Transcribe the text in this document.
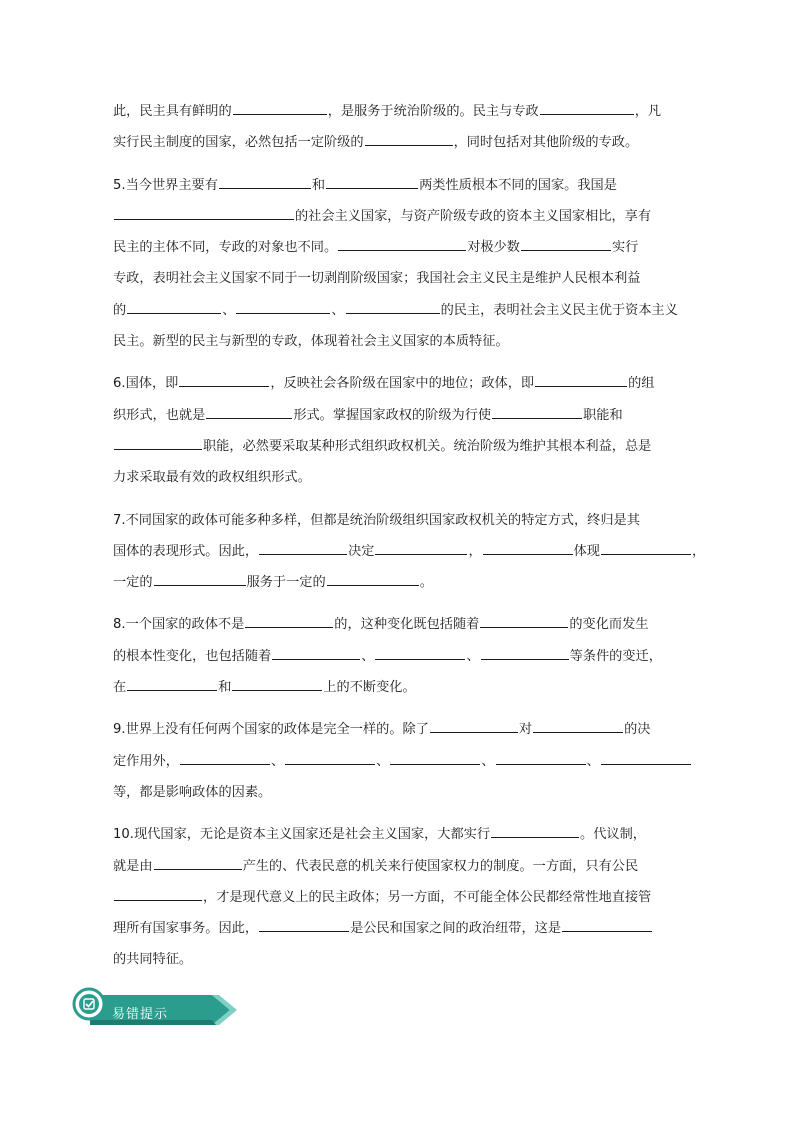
此，民主具有鲜明的	，是服务于统治阶级的。民主与专政	，凡
实行民主制度的国家，必然包括一定阶级的	，同时包括对其他阶级的专政。
5.当今世界主要有	和	两类性质根本不同的国家。我国是
的社会主义国家，与资产阶级专政的资本主义国家相比，享有
民主的主体不同，专政的对象也不同。	对极少数	实行
专政，表明社会主义国家不同于一切剥削阶级国家；我国社会主义民主是维护人民根本利益
的	、	、	的民主，表明社会主义民主优于资本主义
民主。新型的民主与新型的专政，体现着社会主义国家的本质特征。
6.国体，即	，反映社会各阶级在国家中的地位；政体，即	的组
织形式，也就是	形式。掌握国家政权的阶级为行使	职能和
职能，必然要采取某种形式组织政权机关。统治阶级为维护其根本利益，总是
力求采取最有效的政权组织形式。
7.不同国家的政体可能多种多样，但都是统治阶级组织国家政权机关的特定方式，终归是其
国体的表现形式。因此，	决定	，	体现	，
一定的	服务于一定的	。
8.一个国家的政体不是	的，这种变化既包括随着	的变化而发生
的根本性变化，也包括随着	、	、	等条件的变迁，
在	和	上的不断变化。
9.世界上没有任何两个国家的政体是完全一样的。除了	对	的决
定作用外，	、	、	、	、
等，都是影响政体的因素。
10.现代国家，无论是资本主义国家还是社会主义国家，大都实行	。代议制，
就是由	产生的、代表民意的机关来行使国家权力的制度。一方面，只有公民
，才是现代意义上的民主政体；另一方面，不可能全体公民都经常性地直接管
理所有国家事务。因此，	是公民和国家之间的政治纽带，这是
的共同特征。
易错提示
